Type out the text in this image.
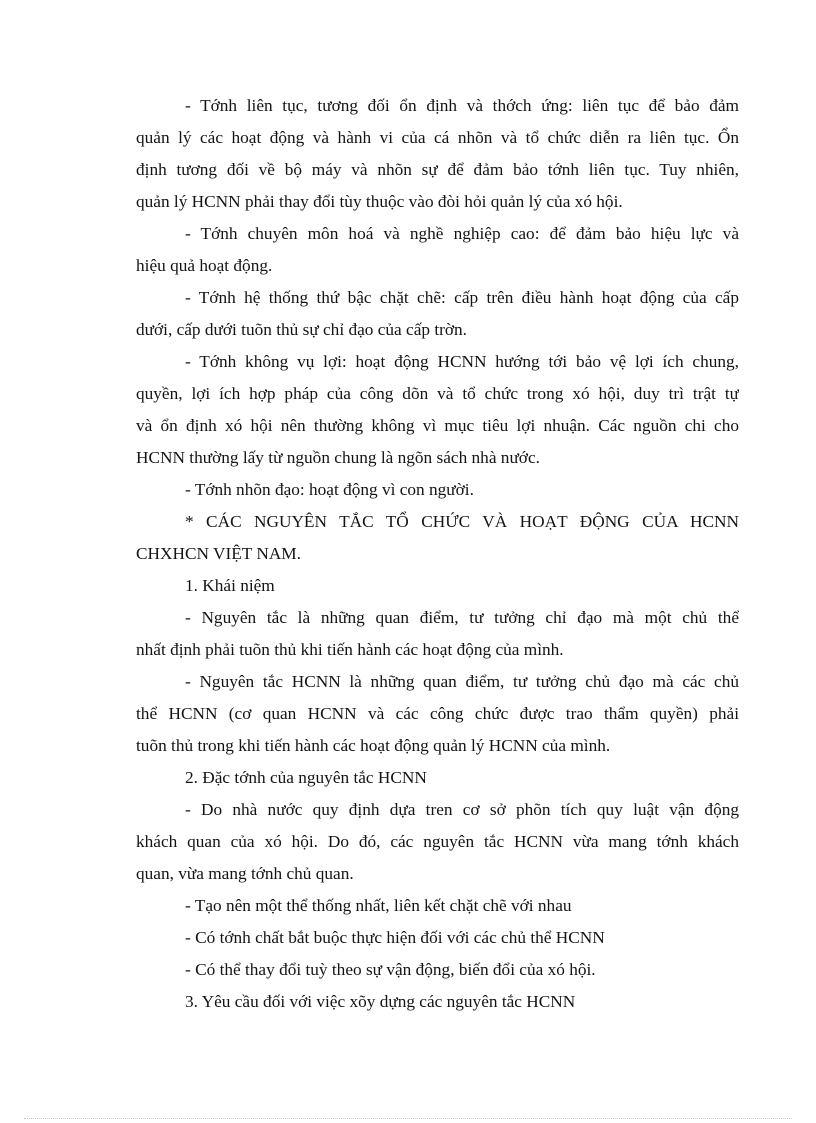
- Tớnh liên tục, tương đối ổn định và thớch ứng: liên tục để bảo đảm

quản lý các hoạt động và hành vi của cá nhõn và tổ chức diễn ra liên tục. Ổn

định tương đối về bộ máy và nhõn sự để đảm bảo tớnh liên tục. Tuy nhiên,

quản lý HCNN phải thay đổi tùy thuộc vào đòi hỏi quản lý của xó hội.

- Tớnh chuyên môn hoá và nghề nghiệp cao: để đảm bảo hiệu lực và

hiệu quả hoạt động.

- Tớnh hệ thống thứ bậc chặt chẽ: cấp trên điều hành hoạt động của cấp

dưới, cấp dưới tuõn thủ sự chỉ đạo của cấp trờn.

- Tớnh không vụ lợi: hoạt động HCNN hướng tới bảo vệ lợi ích chung,

quyền, lợi ích hợp pháp của công dõn và tổ chức trong xó hội, duy trì trật tự

và ổn định xó hội nên thường không vì mục tiêu lợi nhuận. Các nguồn chi cho

HCNN thường lấy từ nguồn chung là ngõn sách nhà nước.

- Tớnh nhõn đạo: hoạt động vì con người.

* CÁC NGUYÊN TẮC TỔ CHỨC VÀ HOẠT ĐỘNG CỦA HCNN

CHXHCN VIỆT NAM.

1. Khái niệm

- Nguyên tắc là những quan điểm, tư tưởng chỉ đạo mà một chủ thể

nhất định phải tuõn thủ khi tiến hành các hoạt động của mình.

- Nguyên tắc HCNN là những quan điểm, tư tưởng chủ đạo mà các chủ

thể HCNN (cơ quan HCNN và các công chức được trao thẩm quyền) phải

tuõn thủ trong khi tiến hành các hoạt động quản lý HCNN của mình.

2. Đặc tớnh của nguyên tắc HCNN

- Do nhà nước quy định dựa tren cơ sở phõn tích quy luật vận động

khách quan của xó hội. Do đó, các nguyên tắc HCNN vừa mang tớnh khách

quan, vừa mang tớnh chủ quan.

- Tạo nên một thể thống nhất, liên kết chặt chẽ với nhau

- Có tớnh chất bắt buộc thực hiện đối với các chủ thể HCNN

- Có thể thay đổi tuỳ theo sự vận động, biến đổi của xó hội.

3. Yêu cầu đối với việc xõy dựng các nguyên tắc HCNN
